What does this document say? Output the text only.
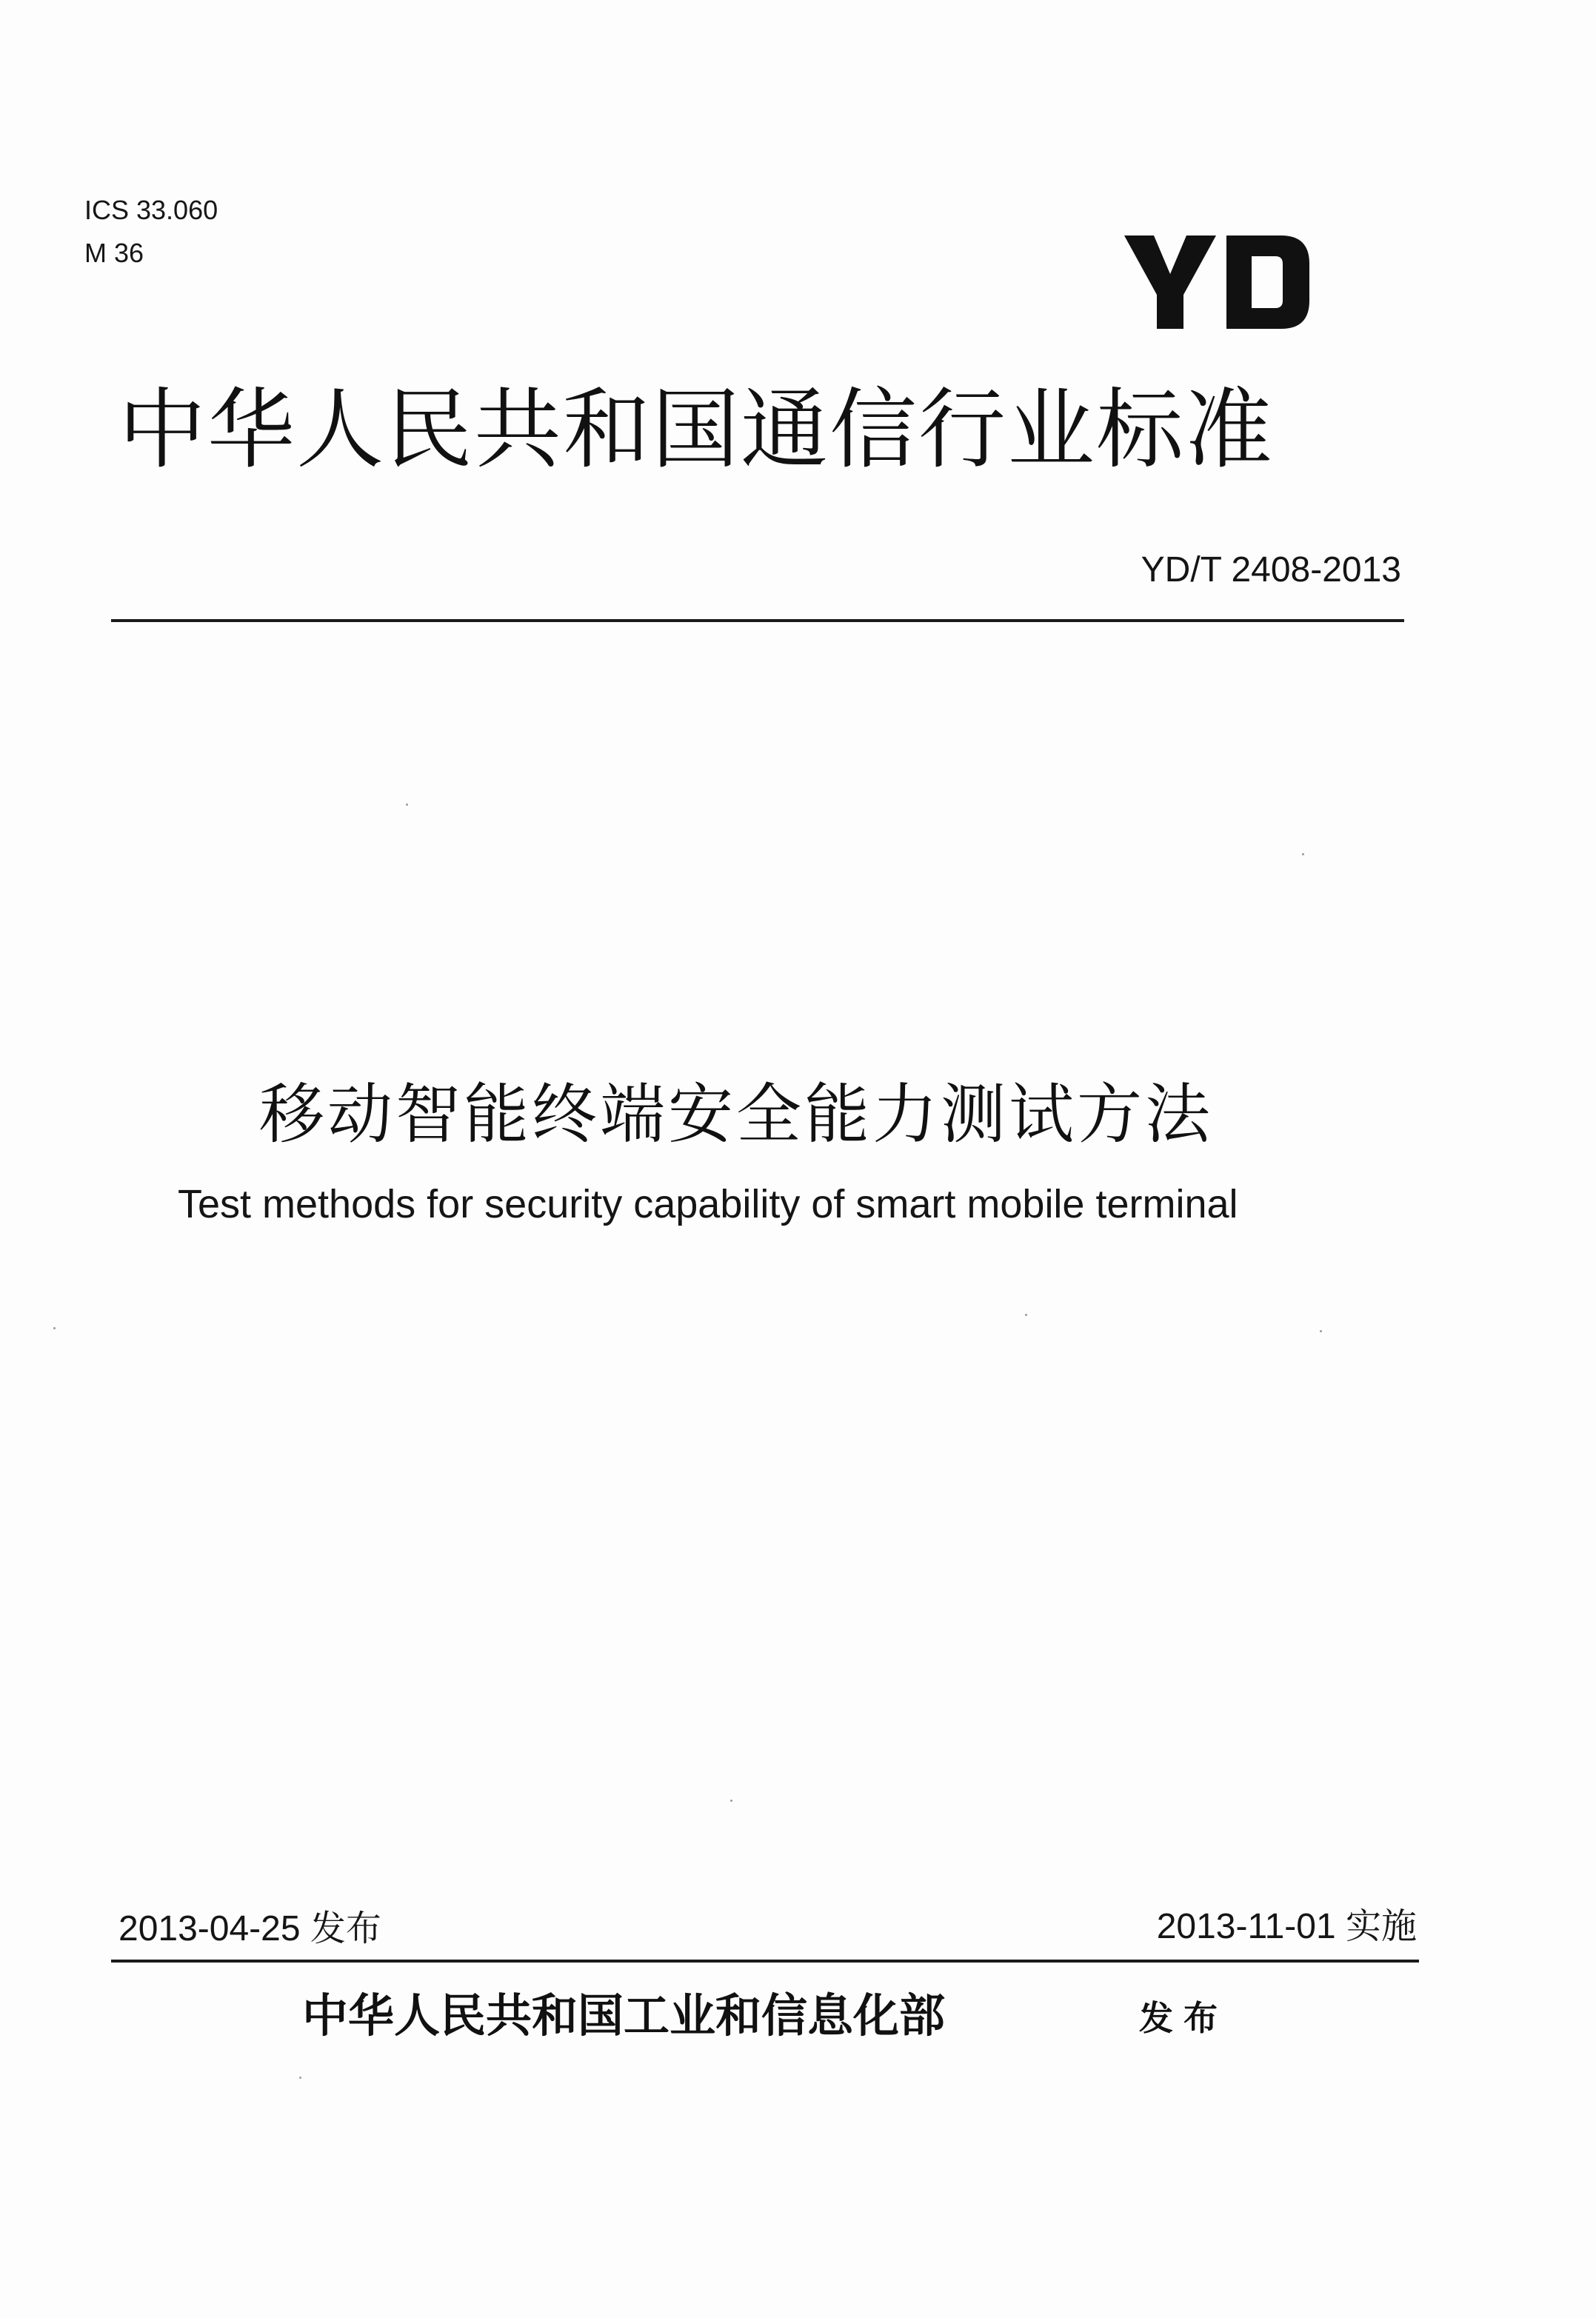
ICS 33.060
M 36
中华人民共和国通信行业标准
YD/T 2408-2013
移动智能终端安全能力测试方法
Test methods for security capability of smart mobile terminal
2013-04-25 发布	2013-11-01 实施
中华人民共和国工业和信息化部	发布
